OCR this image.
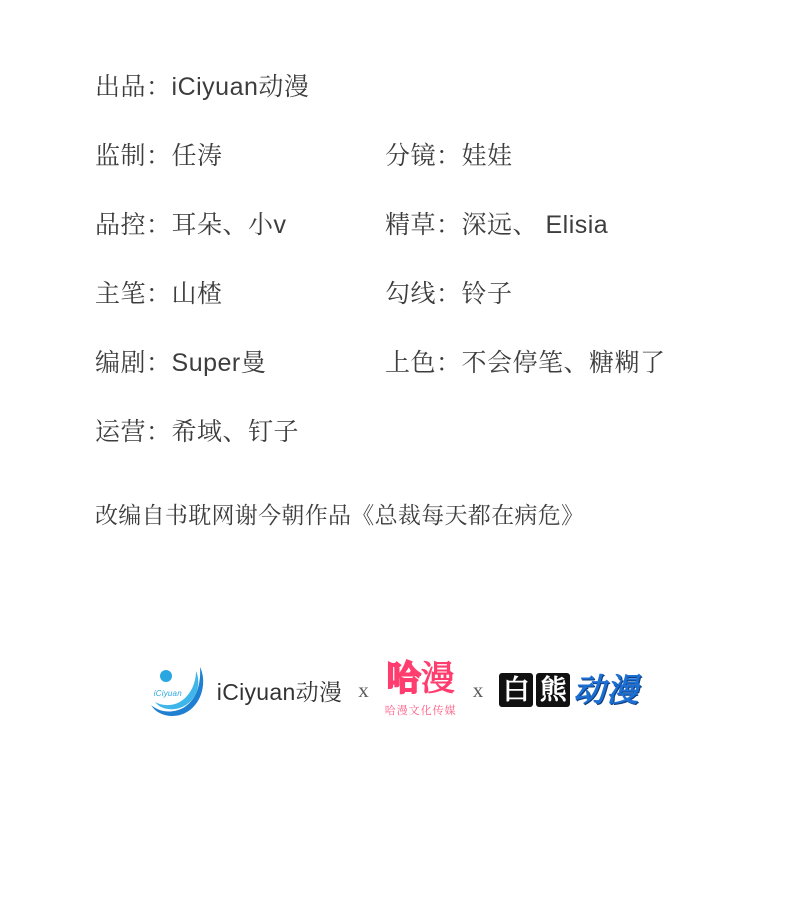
出品：iCiyuan动漫
监制：任涛	分镜：娃娃
品控：耳朵、小v	精草：深远、 Elisia
主笔：山楂	勾线：铃子
编剧：Super曼	上色：不会停笔、糖糊了
运营：希域、钉子
改编自书耽网谢今朝作品《总裁每天都在病危》
iCiyuan iCiyuan动漫 x 哈 漫
哈漫文化传媒
x 白 熊 动漫
